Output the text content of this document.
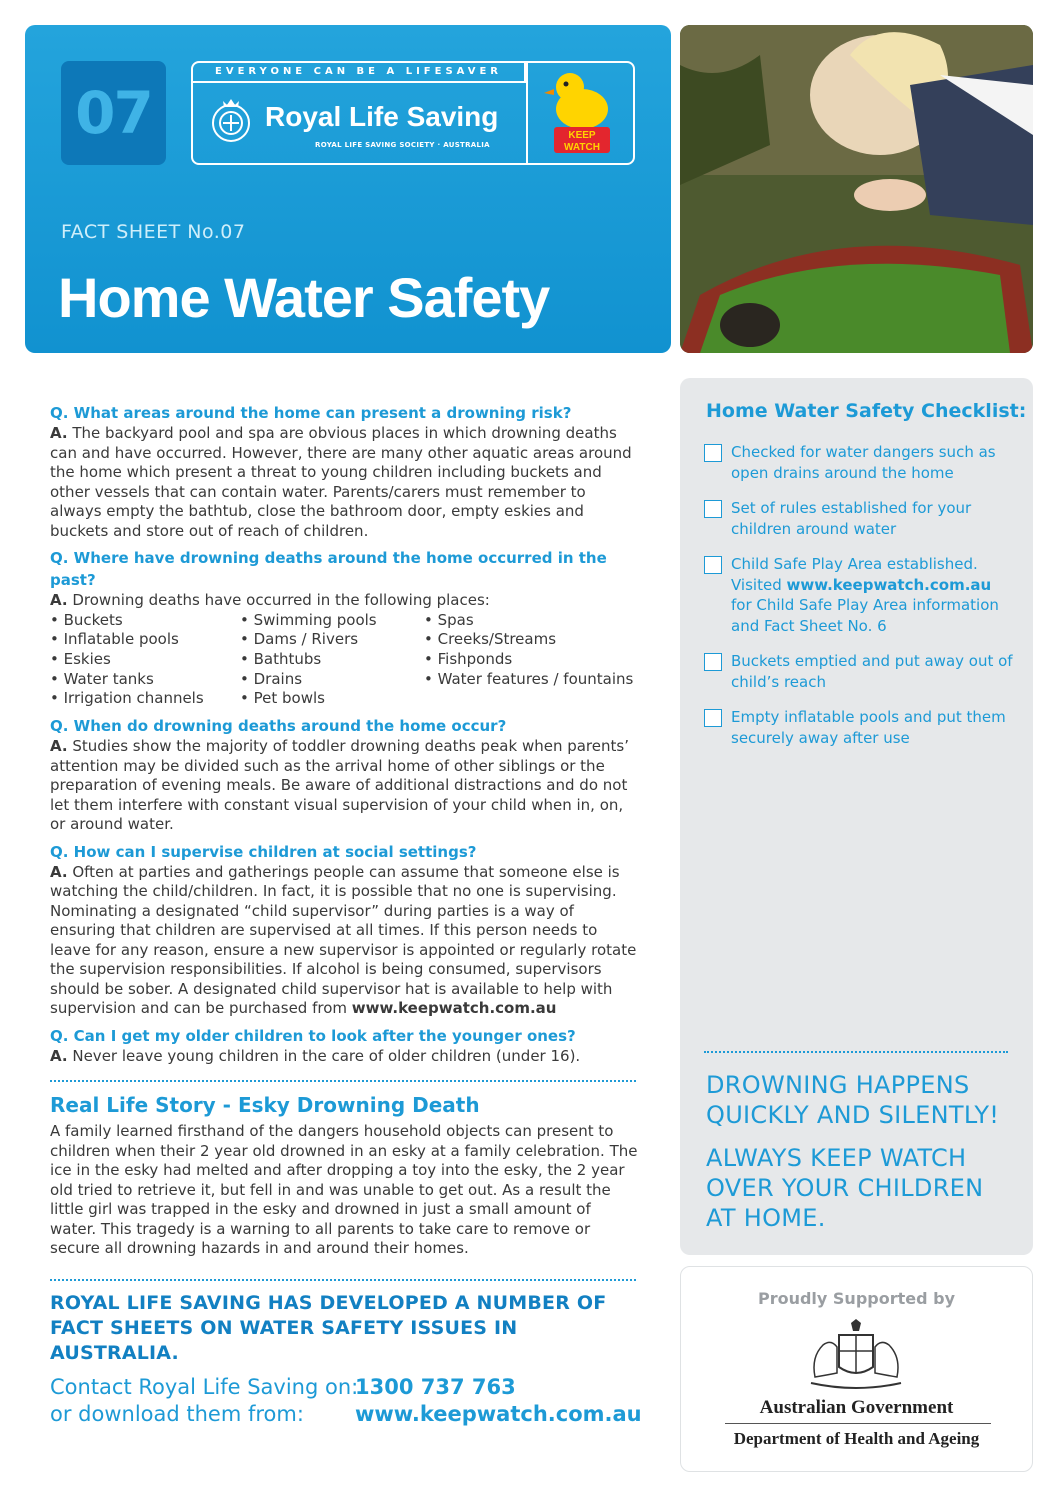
07
EVERYONE CAN BE A LIFESAVER
Royal Life Saving
ROYAL LIFE SAVING SOCIETY · AUSTRALIA
KEEP
WATCH
FACT SHEET No.07
Home Water Safety
Q. What areas around the home can present a drowning risk?
A. The backyard pool and spa are obvious places in which drowning deaths can and have occurred. However, there are many other aquatic areas around the home which present a threat to young children including buckets and other vessels that can contain water. Parents/carers must remember to always empty the bathtub, close the bathroom door, empty eskies and buckets and store out of reach of children.
Q. Where have drowning deaths around the home occurred in the past?
A. Drowning deaths have occurred in the following places:
• Buckets	• Swimming pools	• Spas
• Inflatable pools	• Dams / Rivers	• Creeks/Streams
• Eskies	• Bathtubs	• Fishponds
• Water tanks	• Drains	• Water features / fountains
• Irrigation channels	• Pet bowls
Q. When do drowning deaths around the home occur?
A. Studies show the majority of toddler drowning deaths peak when parents’ attention may be divided such as the arrival home of other siblings or the preparation of evening meals. Be aware of additional distractions and do not let them interfere with constant visual supervision of your child when in, on, or around water.
Q. How can I supervise children at social settings?
A. Often at parties and gatherings people can assume that someone else is watching the child/children. In fact, it is possible that no one is supervising. Nominating a designated “child supervisor” during parties is a way of ensuring that children are supervised at all times. If this person needs to leave for any reason, ensure a new supervisor is appointed or regularly rotate the supervision responsibilities. If alcohol is being consumed, supervisors should be sober. A designated child supervisor hat is available to help with supervision and can be purchased from www.keepwatch.com.au
Q. Can I get my older children to look after the younger ones?
A. Never leave young children in the care of older children (under 16).
Real Life Story - Esky Drowning Death
A family learned firsthand of the dangers household objects can present to children when their 2 year old drowned in an esky at a family celebration. The ice in the esky had melted and after dropping a toy into the esky, the 2 year old tried to retrieve it, but fell in and was unable to get out. As a result the little girl was trapped in the esky and drowned in just a small amount of water. This tragedy is a warning to all parents to take care to remove or secure all drowning hazards in and around their homes.
ROYAL LIFE SAVING HAS DEVELOPED A NUMBER OF
FACT SHEETS ON WATER SAFETY ISSUES IN AUSTRALIA.
Contact Royal Life Saving on:
1300 737 763
or download them from:	www.keepwatch.com.au
Home Water Safety Checklist:
Checked for water dangers such as open drains around the home
Set of rules established for your children around water
Child Safe Play Area established. Visited www.keepwatch.com.au for Child Safe Play Area information and Fact Sheet No. 6
Buckets emptied and put away out of child’s reach
Empty inflatable pools and put them securely away after use
DROWNING HAPPENS
QUICKLY AND SILENTLY!
ALWAYS KEEP WATCH
OVER YOUR CHILDREN
AT HOME.
Proudly Supported by
Australian Government
Department of Health and Ageing
